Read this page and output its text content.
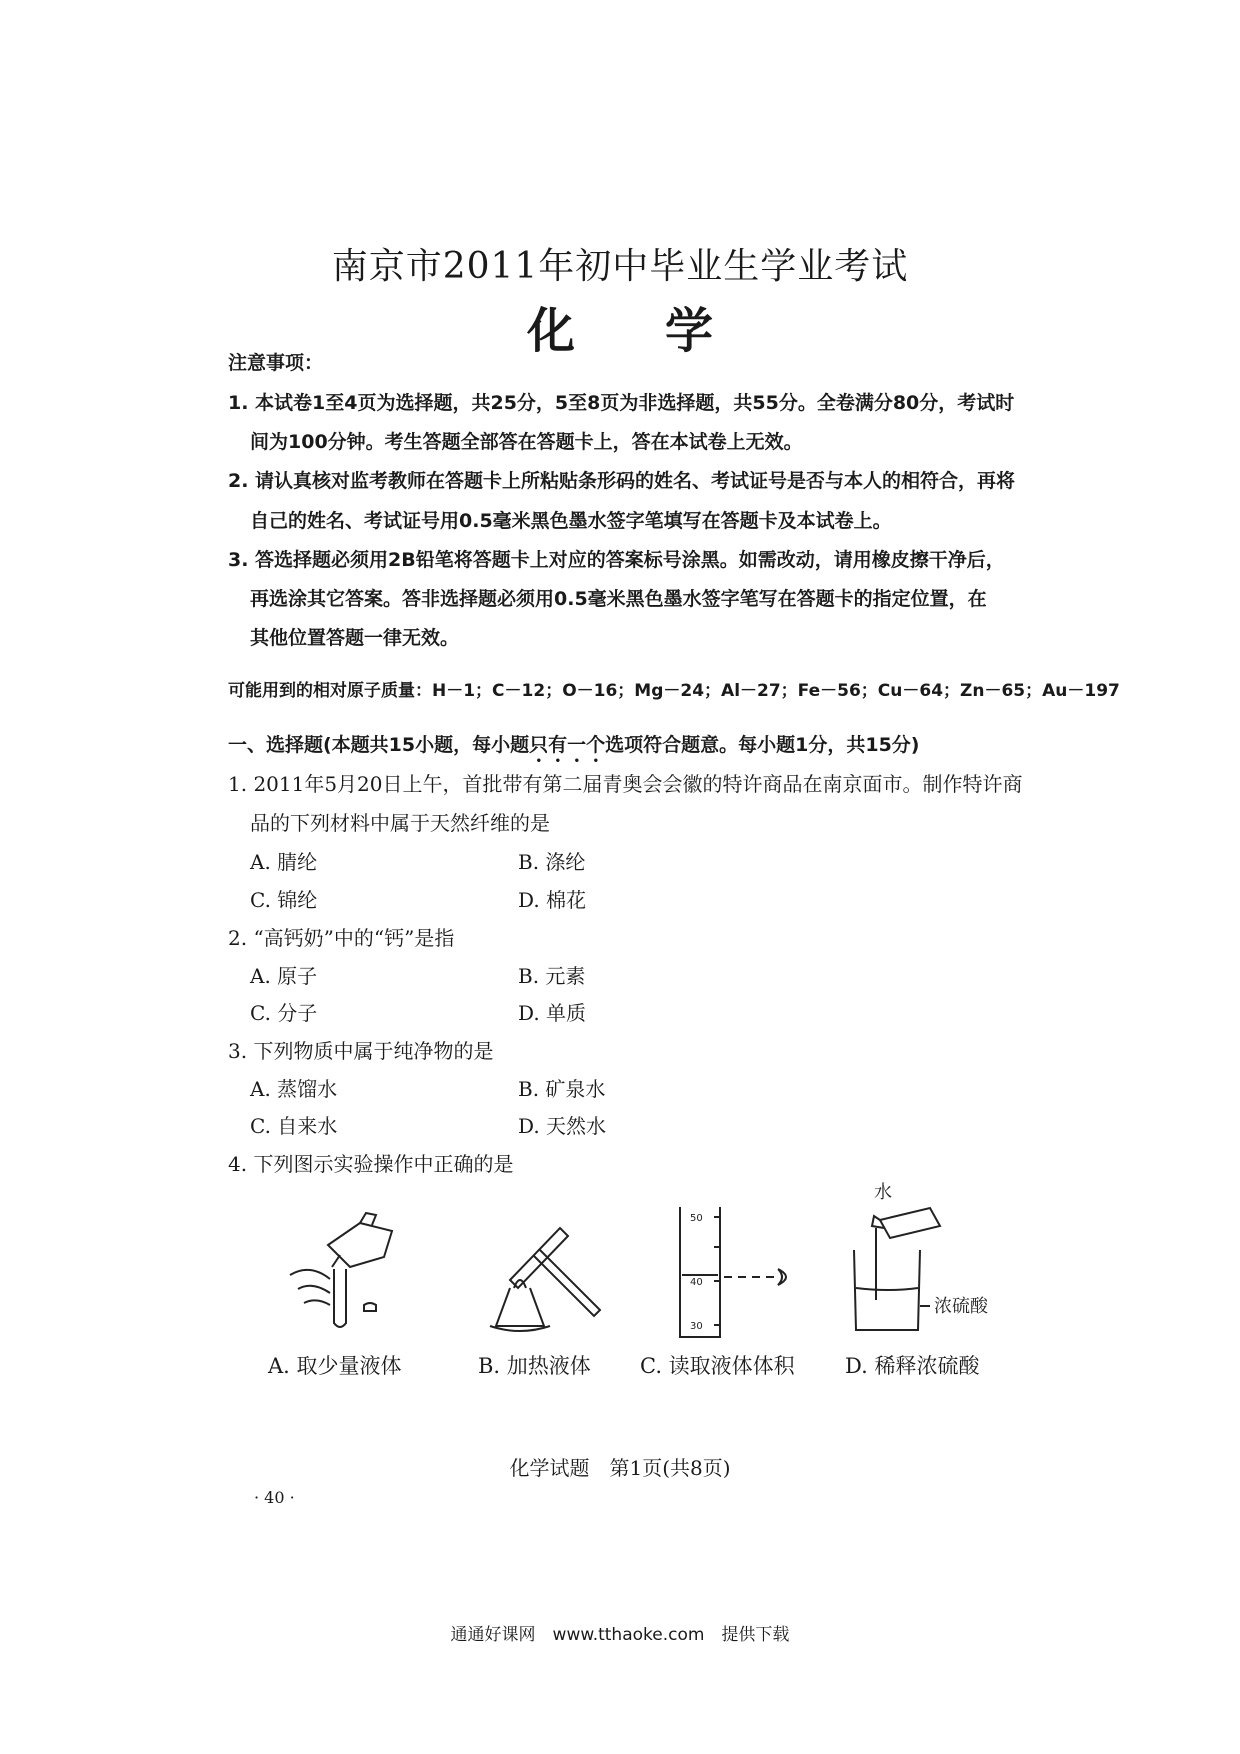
南京市2011年初中毕业生学业考试
化学
注意事项：
1. 本试卷1至4页为选择题，共25分，5至8页为非选择题，共55分。全卷满分80分，考试时
间为100分钟。考生答题全部答在答题卡上，答在本试卷上无效。
2. 请认真核对监考教师在答题卡上所粘贴条形码的姓名、考试证号是否与本人的相符合，再将
自己的姓名、考试证号用0.5毫米黑色墨水签字笔填写在答题卡及本试卷上。
3. 答选择题必须用2B铅笔将答题卡上对应的答案标号涂黑。如需改动，请用橡皮擦干净后，
再选涂其它答案。答非选择题必须用0.5毫米黑色墨水签字笔写在答题卡的指定位置，在
其他位置答题一律无效。
可能用到的相对原子质量：H－1；C－12；O－16；Mg－24；Al－27；Fe－56；Cu－64；Zn－65；Au－197
一、选择题(本题共15小题，每小题只有一个选项符合题意。每小题1分，共15分)
1. 2011年5月20日上午，首批带有第二届青奥会会徽的特许商品在南京面市。制作特许商
品的下列材料中属于天然纤维的是
A. 腈纶	B. 涤纶
C. 锦纶	D. 棉花
2. “高钙奶”中的“钙”是指
A. 原子	B. 元素
C. 分子	D. 单质
3. 下列物质中属于纯净物的是
A. 蒸馏水	B. 矿泉水
C. 自来水	D. 天然水
4. 下列图示实验操作中正确的是
50
40
30
水
浓硫酸
A. 取少量液体	B. 加热液体 C. 读取液体体积 D. 稀释浓硫酸
化学试题　第1页(共8页)
· 40 ·
通通好课网　www.tthaoke.com　提供下载
